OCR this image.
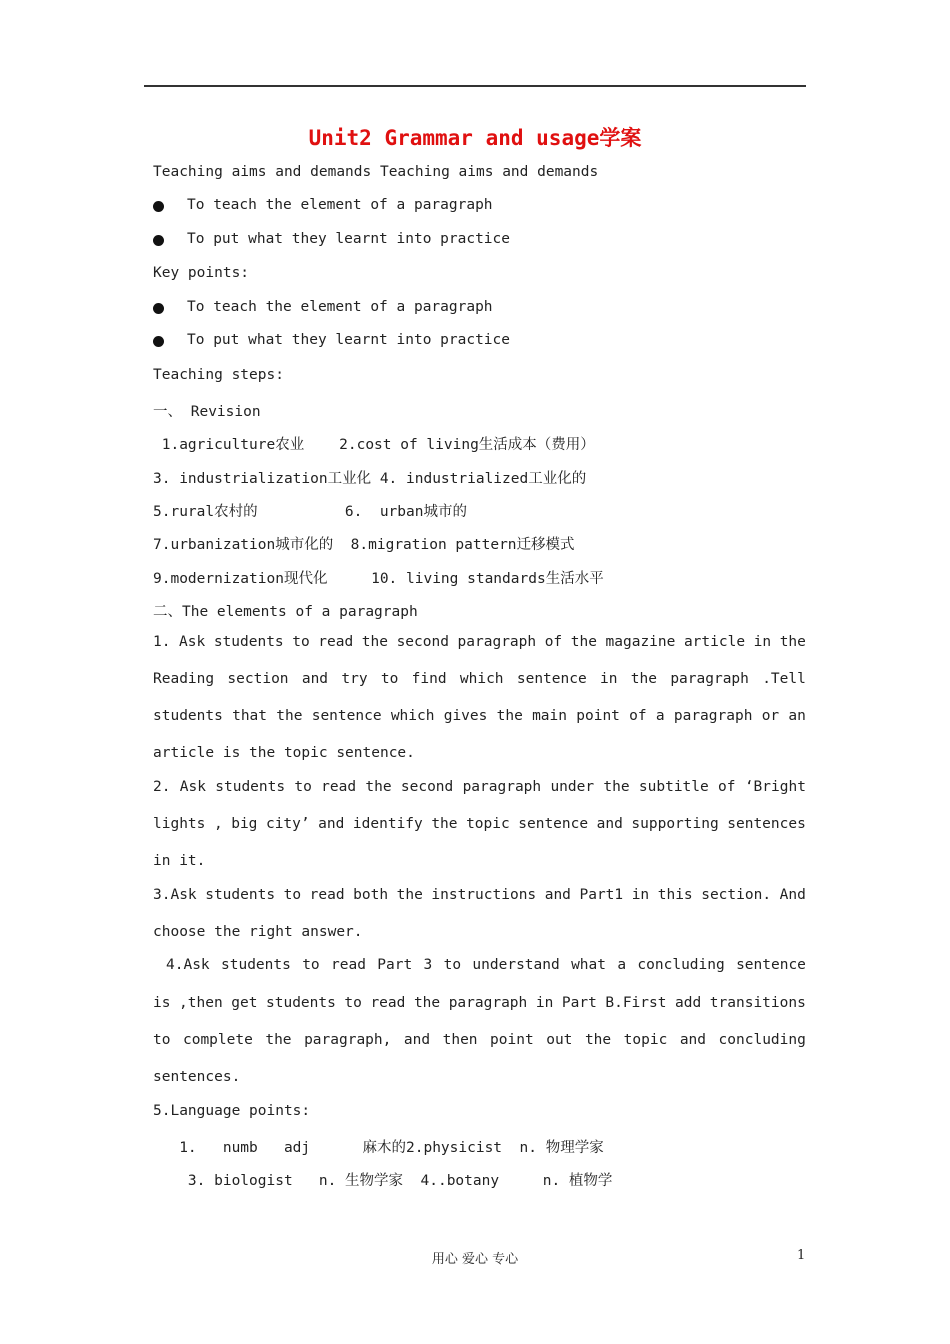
Unit2 Grammar and usage学案
Teaching aims and demands Teaching aims and demands
To teach the element of a paragraph
To put what they learnt into practice
Key points:
To teach the element of a paragraph
To put what they learnt into practice
Teaching steps:
一、 Revision
1.agriculture农业    2.cost of living生活成本（费用）
3. industrialization工业化 4. industrialized工业化的
5.rural农村的          6.  urban城市的
7.urbanization城市化的  8.migration pattern迁移模式
9.modernization现代化     10. living standards生活水平
二、The elements of a paragraph
1. Ask students to read the second paragraph of the magazine article in the
Reading section and try to find which sentence in the paragraph .Tell
students that the sentence which gives the main point of a paragraph or an
article is the topic sentence.
2. Ask students to read the second paragraph under the subtitle of ‘Bright
lights , big city’ and identify the topic sentence and supporting sentences
in it.
3.Ask students to read both the instructions and Part1 in this section. And
choose the right answer.
4.Ask students to read Part 3 to understand what a concluding sentence
is ,then get students to read the paragraph in Part B.First add transitions
to complete the paragraph, and then point out the topic and concluding
sentences.
5.Language points:
1.   numb   adj      麻木的2.physicist  n. 物理学家
3. biologist   n. 生物学家  4..botany     n. 植物学
用心 爱心 专心	1
